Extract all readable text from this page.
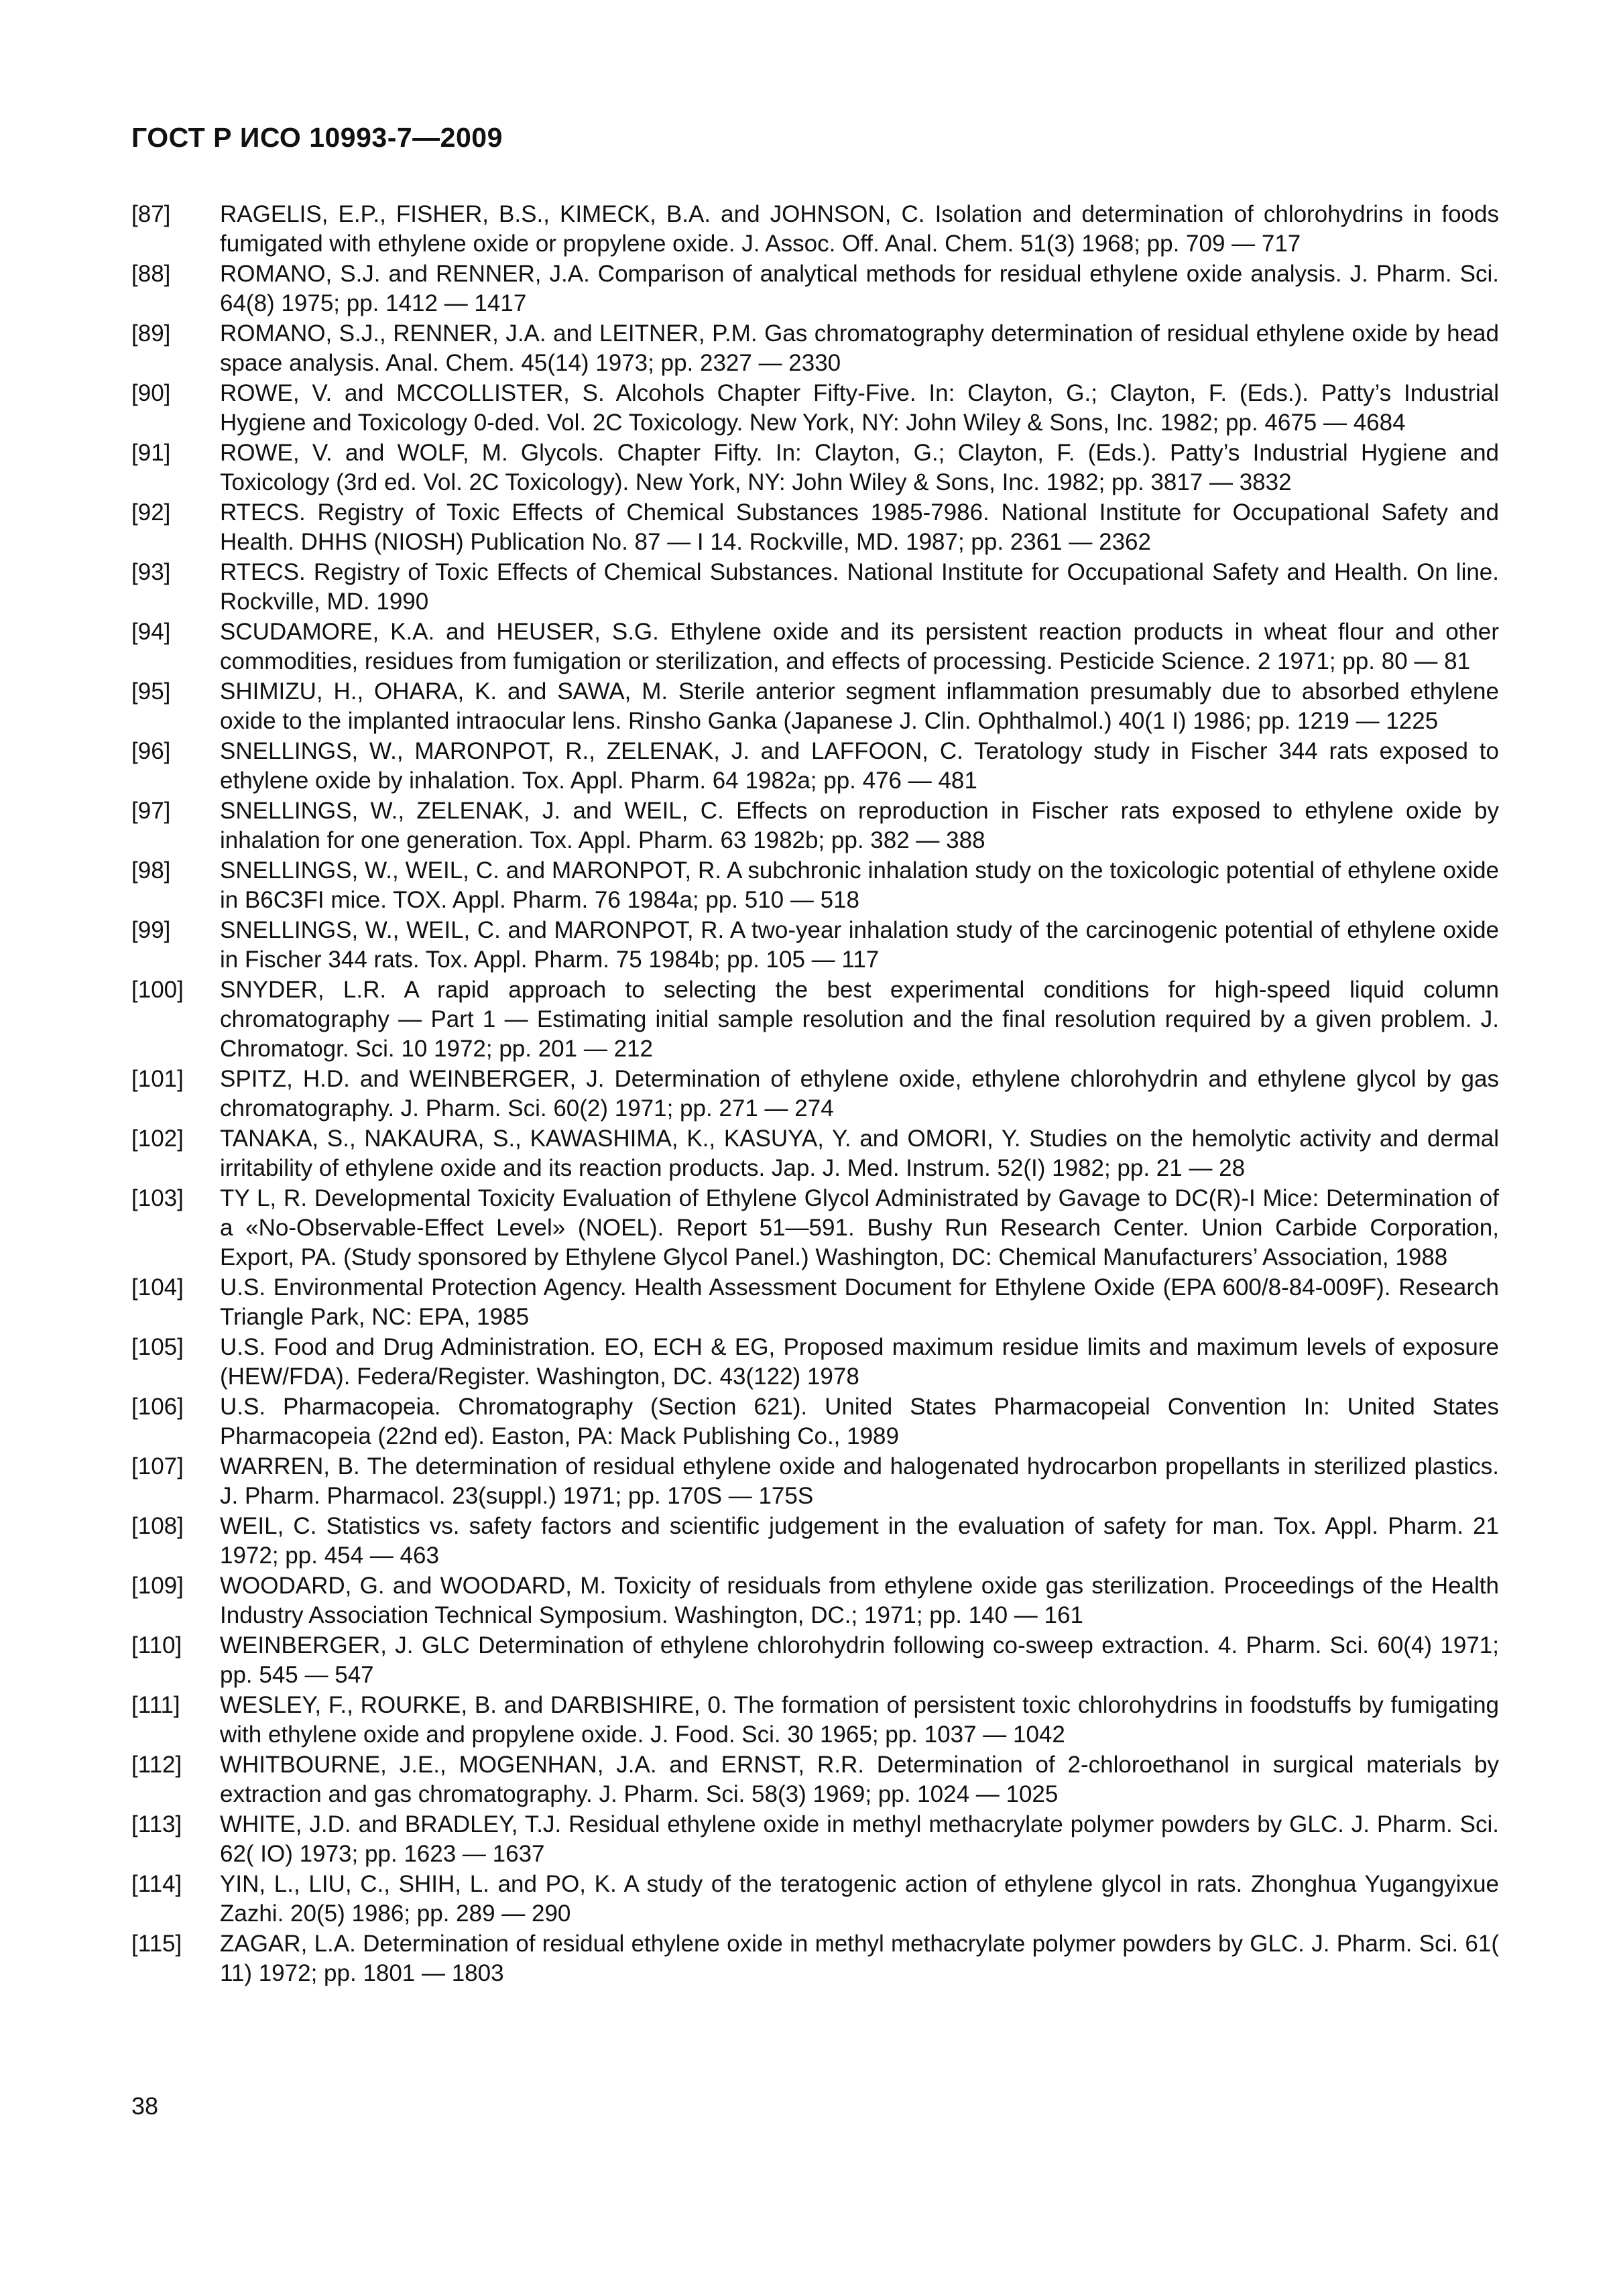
ГОСТ Р ИСО 10993-7—2009
[87]	RAGELIS, E.P., FISHER, B.S., KIMECK, B.A. and JOHNSON, C. Isolation and determination of chlorohydrins in foods fumigated with ethylene oxide or propylene oxide. J. Assoc. Off. Anal. Chem. 51(3) 1968; pp. 709 — 717
[88]	ROMANO, S.J. and RENNER, J.A. Comparison of analytical methods for residual ethylene oxide analysis. J. Pharm. Sci. 64(8) 1975; pp. 1412 — 1417
[89]	ROMANO, S.J., RENNER, J.A. and LEITNER, P.M. Gas chromatography determination of residual ethylene oxide by head space analysis. Anal. Chem. 45(14) 1973; pp. 2327 — 2330
[90]	ROWE, V. and MCCOLLISTER, S. Alcohols Chapter Fifty-Five. In: Clayton, G.; Clayton, F. (Eds.). Patty’s Industrial Hygiene and Toxicology 0-ded. Vol. 2C Toxicology. New York, NY: John Wiley & Sons, Inc. 1982; pp. 4675 — 4684
[91]	ROWE, V. and WOLF, M. Glycols. Chapter Fifty. In: Clayton, G.; Clayton, F. (Eds.). Patty’s Industrial Hygiene and Toxicology (3rd ed. Vol. 2C Toxicology). New York, NY: John Wiley & Sons, Inc. 1982; pp. 3817 — 3832
[92]	RTECS. Registry of Toxic Effects of Chemical Substances 1985-7986. National Institute for Occupational Safety and Health. DHHS (NIOSH) Publication No. 87 — I 14. Rockville, MD. 1987; pp. 2361 — 2362
[93]	RTECS. Registry of Toxic Effects of Chemical Substances. National Institute for Occupational Safety and Health. On line. Rockville, MD. 1990
[94]	SCUDAMORE, K.A. and HEUSER, S.G. Ethylene oxide and its persistent reaction products in wheat flour and other commodities, residues from fumigation or sterilization, and effects of processing. Pesticide Science. 2 1971; pp. 80 — 81
[95]	SHIMIZU, H., OHARA, K. and SAWA, M. Sterile anterior segment inflammation presumably due to absorbed ethylene oxide to the implanted intraocular lens. Rinsho Ganka (Japanese J. Clin. Ophthalmol.) 40(1 I) 1986; pp. 1219 — 1225
[96]	SNELLINGS, W., MARONPOT, R., ZELENAK, J. and LAFFOON, C. Teratology study in Fischer 344 rats exposed to ethylene oxide by inhalation. Tox. Appl. Pharm. 64 1982a; pp. 476 — 481
[97]	SNELLINGS, W., ZELENAK, J. and WEIL, C. Effects on reproduction in Fischer rats exposed to ethylene oxide by inhalation for one generation. Tox. Appl. Pharm. 63 1982b; pp. 382 — 388
[98]	SNELLINGS, W., WEIL, C. and MARONPOT, R. A subchronic inhalation study on the toxicologic potential of ethylene oxide in B6C3FI mice. TOX. Appl. Pharm. 76 1984a; pp. 510 — 518
[99]	SNELLINGS, W., WEIL, C. and MARONPOT, R. A two-year inhalation study of the carcinogenic potential of ethylene oxide in Fischer 344 rats. Tox. Appl. Pharm. 75 1984b; pp. 105 — 117
[100]	SNYDER, L.R. A rapid approach to selecting the best experimental conditions for high-speed liquid column chromatography — Part 1 — Estimating initial sample resolution and the final resolution required by a given problem. J. Chromatogr. Sci. 10 1972; pp. 201 — 212
[101]	SPITZ, H.D. and WEINBERGER, J. Determination of ethylene oxide, ethylene chlorohydrin and ethylene glycol by gas chromatography. J. Pharm. Sci. 60(2) 1971; pp. 271 — 274
[102]	TANAKA, S., NAKAURA, S., KAWASHIMA, K., KASUYA, Y. and OMORI, Y. Studies on the hemolytic activity and dermal irritability of ethylene oxide and its reaction products. Jap. J. Med. Instrum. 52(I) 1982; pp. 21 — 28
[103]	TY L, R. Developmental Toxicity Evaluation of Ethylene Glycol Administrated by Gavage to DC(R)-I Mice: Determination of a «No-Observable-Effect Level» (NOEL). Report 51—591. Bushy Run Research Center. Union Carbide Corporation, Export, PA. (Study sponsored by Ethylene Glycol Panel.) Washington, DC: Chemical Manufacturers’ Association, 1988
[104]	U.S. Environmental Protection Agency. Health Assessment Document for Ethylene Oxide (EPA 600/8-84-009F). Research Triangle Park, NC: EPA, 1985
[105]	U.S. Food and Drug Administration. EO, ECH & EG, Proposed maximum residue limits and maximum levels of exposure (HEW/FDA). Federa/Register. Washington, DC. 43(122) 1978
[106]	U.S. Pharmacopeia. Chromatography (Section 621). United States Pharmacopeial Convention In: United States Pharmacopeia (22nd ed). Easton, PA: Mack Publishing Co., 1989
[107]	WARREN, B. The determination of residual ethylene oxide and halogenated hydrocarbon propellants in sterilized plastics. J. Pharm. Pharmacol. 23(suppl.) 1971; pp. 170S — 175S
[108]	WEIL, C. Statistics vs. safety factors and scientific judgement in the evaluation of safety for man. Tox. Appl. Pharm. 21 1972; pp. 454 — 463
[109]	WOODARD, G. and WOODARD, M. Toxicity of residuals from ethylene oxide gas sterilization. Proceedings of the Health Industry Association Technical Symposium. Washington, DC.; 1971; pp. 140 — 161
[110]	WEINBERGER, J. GLC Determination of ethylene chlorohydrin following co-sweep extraction. 4. Pharm. Sci. 60(4) 1971; pp. 545 — 547
[111]	WESLEY, F., ROURKE, B. and DARBISHIRE, 0. The formation of persistent toxic chlorohydrins in foodstuffs by fumigating with ethylene oxide and propylene oxide. J. Food. Sci. 30 1965; pp. 1037 — 1042
[112]	WHITBOURNE, J.E., MOGENHAN, J.A. and ERNST, R.R. Determination of 2-chloroethanol in surgical materials by extraction and gas chromatography. J. Pharm. Sci. 58(3) 1969; pp. 1024 — 1025
[113]	WHITE, J.D. and BRADLEY, T.J. Residual ethylene oxide in methyl methacrylate polymer powders by GLC. J. Pharm. Sci. 62( IO) 1973; pp. 1623 — 1637
[114]	YIN, L., LIU, C., SHIH, L. and PO, K. A study of the teratogenic action of ethylene glycol in rats. Zhonghua Yugangyixue Zazhi. 20(5) 1986; pp. 289 — 290
[115]	ZAGAR, L.A. Determination of residual ethylene oxide in methyl methacrylate polymer powders by GLC. J. Pharm. Sci. 61( 11) 1972; pp. 1801 — 1803
38
